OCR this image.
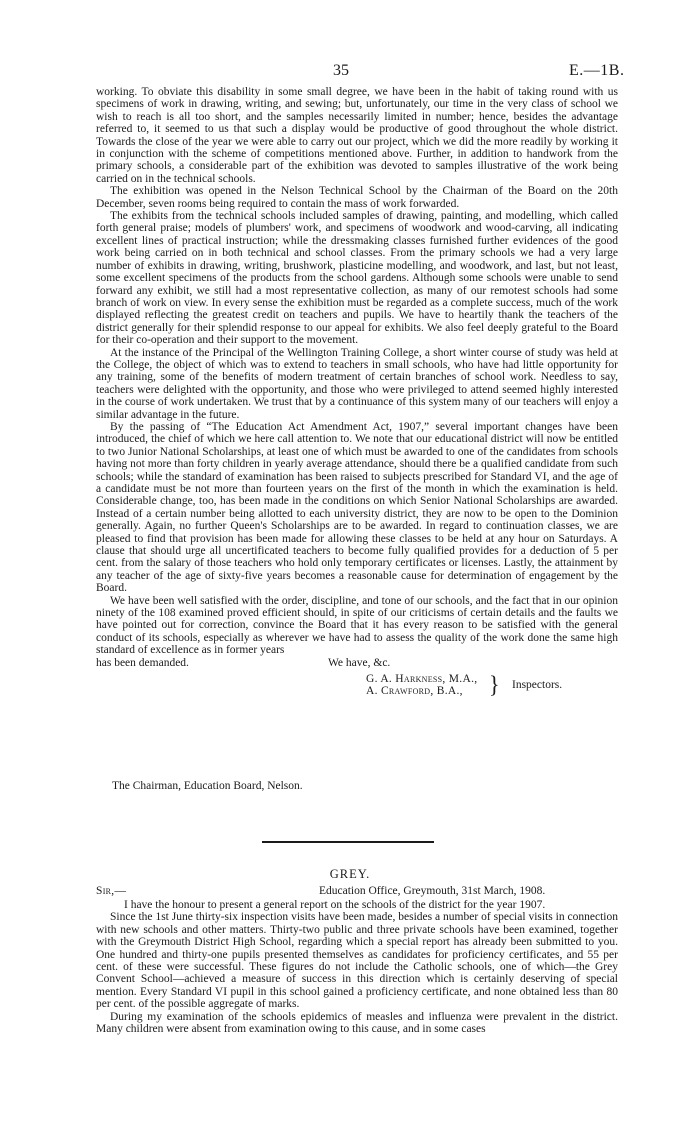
35	E.—1B.

working. To obviate this disability in some small degree, we have been in the habit of taking round with us specimens of work in drawing, writing, and sewing; but, unfortunately, our time in the very class of school we wish to reach is all too short, and the samples necessarily limited in number; hence, besides the advantage referred to, it seemed to us that such a display would be productive of good throughout the whole district. Towards the close of the year we were able to carry out our project, which we did the more readily by working it in conjunction with the scheme of competitions mentioned above. Further, in addition to handwork from the primary schools, a considerable part of the exhibition was devoted to samples illustrative of the work being carried on in the technical schools.

The exhibition was opened in the Nelson Technical School by the Chairman of the Board on the 20th December, seven rooms being required to contain the mass of work forwarded.

The exhibits from the technical schools included samples of drawing, painting, and modelling, which called forth general praise; models of plumbers' work, and specimens of woodwork and wood-carving, all indicating excellent lines of practical instruction; while the dressmaking classes furnished further evidences of the good work being carried on in both technical and school classes. From the primary schools we had a very large number of exhibits in drawing, writing, brushwork, plasticine modelling, and woodwork, and last, but not least, some excellent specimens of the products from the school gardens. Although some schools were unable to send forward any exhibit, we still had a most representative collection, as many of our remotest schools had some branch of work on view. In every sense the exhibition must be regarded as a complete success, much of the work displayed reflecting the greatest credit on teachers and pupils. We have to heartily thank the teachers of the district generally for their splendid response to our appeal for exhibits. We also feel deeply grateful to the Board for their co-operation and their support to the movement.

At the instance of the Principal of the Wellington Training College, a short winter course of study was held at the College, the object of which was to extend to teachers in small schools, who have had little opportunity for any training, some of the benefits of modern treatment of certain branches of school work. Needless to say, teachers were delighted with the opportunity, and those who were privileged to attend seemed highly interested in the course of work undertaken. We trust that by a continuance of this system many of our teachers will enjoy a similar advantage in the future.

By the passing of “The Education Act Amendment Act, 1907,” several important changes have been introduced, the chief of which we here call attention to. We note that our educational district will now be entitled to two Junior National Scholarships, at least one of which must be awarded to one of the candidates from schools having not more than forty children in yearly average attendance, should there be a qualified candidate from such schools; while the standard of examination has been raised to subjects prescribed for Standard VI, and the age of a candidate must be not more than fourteen years on the first of the month in which the examination is held. Considerable change, too, has been made in the conditions on which Senior National Scholarships are awarded. Instead of a certain number being allotted to each university district, they are now to be open to the Dominion generally. Again, no further Queen's Scholarships are to be awarded. In regard to continuation classes, we are pleased to find that provision has been made for allowing these classes to be held at any hour on Saturdays. A clause that should urge all uncertificated teachers to become fully qualified provides for a deduction of 5 per cent. from the salary of those teachers who hold only temporary certificates or licenses. Lastly, the attainment by any teacher of the age of sixty-five years becomes a reasonable cause for determination of engagement by the Board.

We have been well satisfied with the order, discipline, and tone of our schools, and the fact that in our opinion ninety of the 108 examined proved efficient should, in spite of our criticisms of certain details and the faults we have pointed out for correction, convince the Board that it has every reason to be satisfied with the general conduct of its schools, especially as wherever we have had to assess the quality of the work done the same high standard of excellence as in former years

has been demanded.	We have, &c.
G. A. Harkness, M.A.,
A. Crawford, B.A., } Inspectors.
The Chairman, Education Board, Nelson.
GREY.
Sir,—	Education Office, Greymouth, 31st March, 1908.

I have the honour to present a general report on the schools of the district for the year 1907.

Since the 1st June thirty-six inspection visits have been made, besides a number of special visits in connection with new schools and other matters. Thirty-two public and three private schools have been examined, together with the Greymouth District High School, regarding which a special report has already been submitted to you. One hundred and thirty-one pupils presented themselves as candidates for proficiency certificates, and 55 per cent. of these were successful. These figures do not include the Catholic schools, one of which—the Grey Convent School—achieved a measure of success in this direction which is certainly deserving of special mention. Every Standard VI pupil in this school gained a proficiency certificate, and none obtained less than 80 per cent. of the possible aggregate of marks.

During my examination of the schools epidemics of measles and influenza were prevalent in the district. Many children were absent from examination owing to this cause, and in some cases
